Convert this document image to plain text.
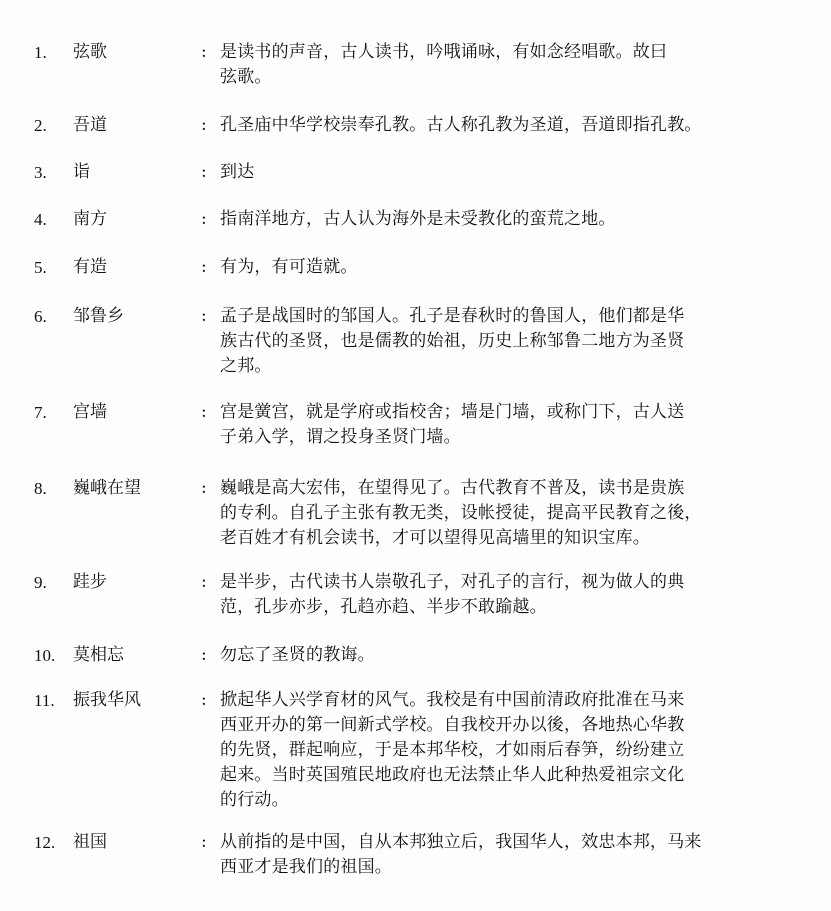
1. 弦歌	: 是读书的声音，古人读书，吟哦诵咏，有如念经唱歌。故曰
弦歌。
2. 吾道	: 孔圣庙中华学校崇奉孔教。古人称孔教为圣道，吾道即指孔教。
3. 诣	: 到达
4. 南方	: 指南洋地方，古人认为海外是未受教化的蛮荒之地。
5. 有造	: 有为，有可造就。
6. 邹鲁乡	: 孟子是战国时的邹国人。孔子是春秋时的鲁国人，他们都是华
族古代的圣贤，也是儒教的始祖，历史上称邹鲁二地方为圣贤
之邦。
7. 宫墙	: 宫是黉宫，就是学府或指校舍；墙是门墙，或称门下，古人送
子弟入学，谓之投身圣贤门墙。
8. 巍峨在望	: 巍峨是高大宏伟，在望得见了。古代教育不普及，读书是贵族
的专利。自孔子主张有教无类，设帐授徒，提高平民教育之後，
老百姓才有机会读书，才可以望得见高墙里的知识宝库。
9. 跬步	: 是半步，古代读书人崇敬孔子，对孔子的言行，视为做人的典
范，孔步亦步，孔趋亦趋、半步不敢踰越。
10. 莫相忘	: 勿忘了圣贤的教诲。
11. 振我华风	: 掀起华人兴学育材的风气。我校是有中国前清政府批准在马来
西亚开办的第一间新式学校。自我校开办以後，各地热心华教
的先贤，群起响应，于是本邦华校，才如雨后春笋，纷纷建立
起来。当时英国殖民地政府也无法禁止华人此种热爱祖宗文化
的行动。
12. 祖国	: 从前指的是中国，自从本邦独立后，我国华人，效忠本邦，马来
西亚才是我们的祖国。
